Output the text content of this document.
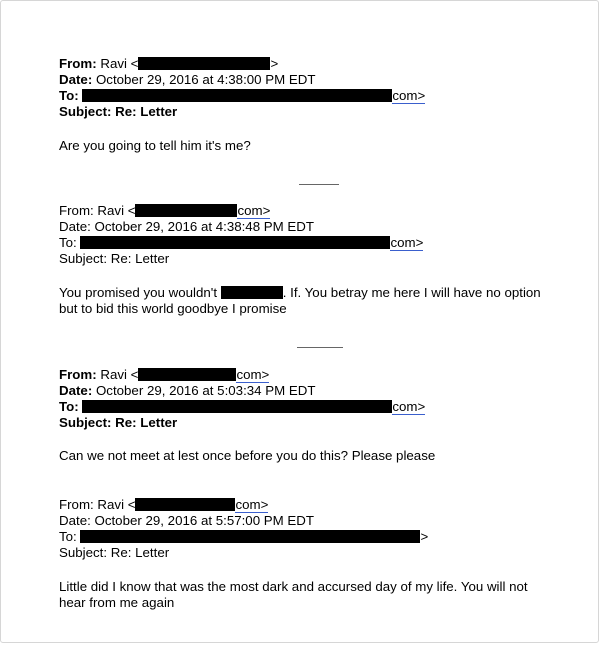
From: Ravi <	>
Date: October 29, 2016 at 4:38:00 PM EDT
To:	com>
Subject: Re: Letter
Are you going to tell him it's me?
From: Ravi <	com>
Date: October 29, 2016 at 4:38:48 PM EDT
To:	com>
Subject: Re: Letter
You promised you wouldn't	. If. You betray me here I will have no option
but to bid this world goodbye I promise
From: Ravi <	com>
Date: October 29, 2016 at 5:03:34 PM EDT
To:	com>
Subject: Re: Letter
Can we not meet at lest once before you do this? Please please
From: Ravi <	com>
Date: October 29, 2016 at 5:57:00 PM EDT
To:	>
Subject: Re: Letter
Little did I know that was the most dark and accursed day of my life. You will not
hear from me again
